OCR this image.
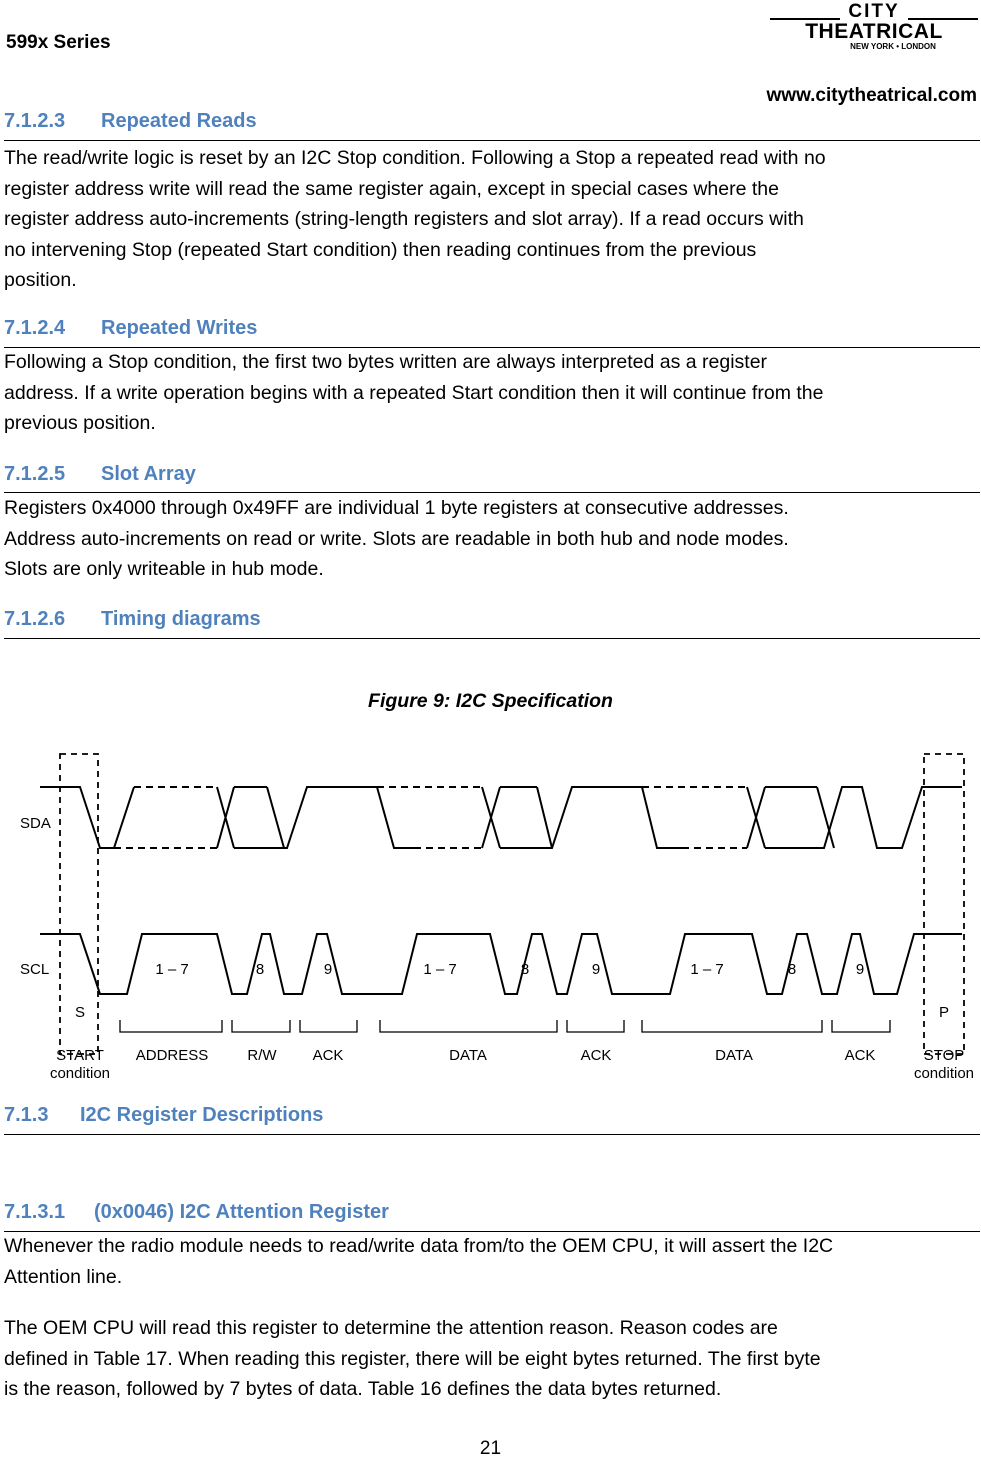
599x Series
CITY
THEATRICAL
NEW YORK • LONDON
www.citytheatrical.com
7.1.2.3 Repeated Reads

The read/write logic is reset by an I2C Stop condition. Following a Stop a repeated read with no
register address write will read the same register again, except in special cases where the
register address auto-increments (string-length registers and slot array). If a read occurs with
no intervening Stop (repeated Start condition) then reading continues from the previous
position.

7.1.2.4 Repeated Writes

Following a Stop condition, the first two bytes written are always interpreted as a register
address. If a write operation begins with a repeated Start condition then it will continue from the
previous position.

7.1.2.5 Slot Array

Registers 0x4000 through 0x49FF are individual 1 byte registers at consecutive addresses.
Address auto-increments on read or write. Slots are readable in both hub and node modes.
Slots are only writeable in hub mode.

7.1.2.6 Timing diagrams
Figure 9: I2C Specification
SDA
SCL
S	P
1 – 7	8	9	1 – 7	8	9	1 – 7	8	9
START
condition
ADDRESS	R/W ACK	DATA	ACK	DATA	ACK	STOP
condition
7.1.3 I2C Register Descriptions
7.1.3.1 (0x0046) I2C Attention Register

Whenever the radio module needs to read/write data from/to the OEM CPU, it will assert the I2C
Attention line.

The OEM CPU will read this register to determine the attention reason. Reason codes are
defined in Table 17. When reading this register, there will be eight bytes returned. The first byte
is the reason, followed by 7 bytes of data. Table 16 defines the data bytes returned.

21
